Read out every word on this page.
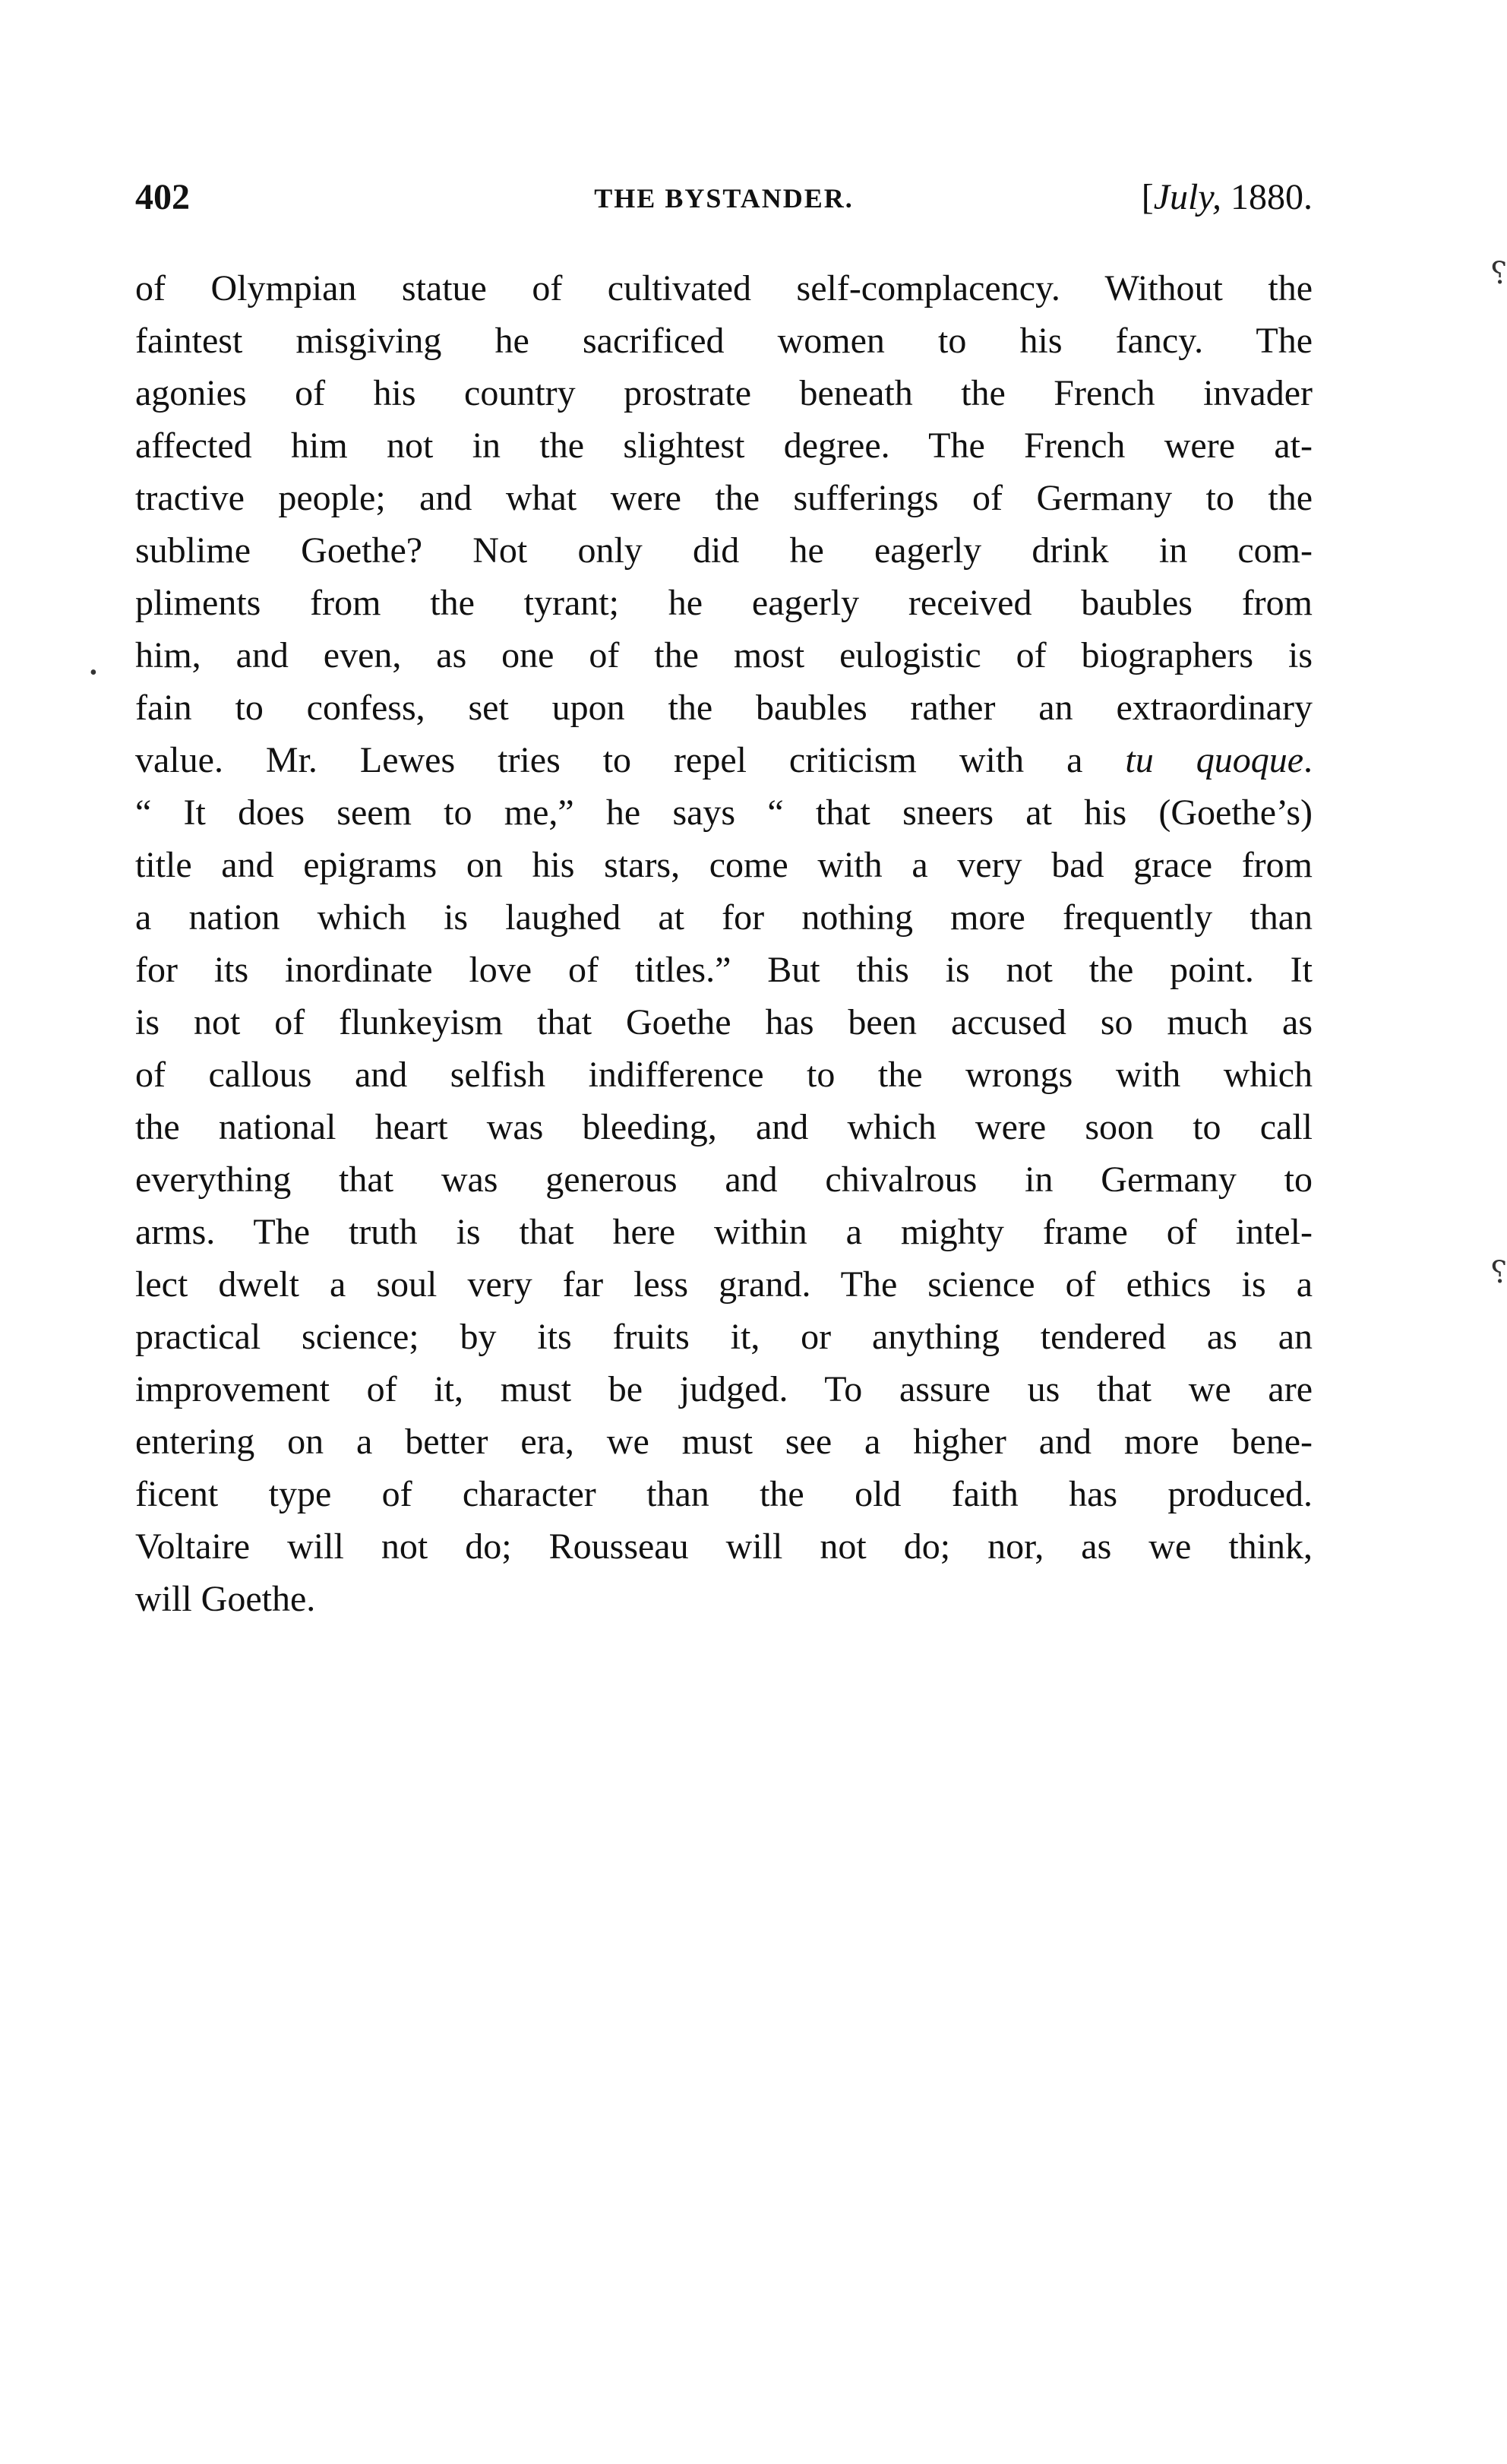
402	THE BYSTANDER.	[July, 1880.
of Olympian statue of cultivated self-complacency. Without the
faintest misgiving he sacrificed women to his fancy. The
agonies of his country prostrate beneath the French invader
affected him not in the slightest degree. The French were at-
tractive people; and what were the sufferings of Germany to the
sublime Goethe? Not only did he eagerly drink in com-
pliments from the tyrant; he eagerly received baubles from
him, and even, as one of the most eulogistic of biographers is
fain to confess, set upon the baubles rather an extraordinary
value. Mr. Lewes tries to repel criticism with a tu quoque.
“ It does seem to me,” he says “ that sneers at his (Goethe’s)
title and epigrams on his stars, come with a very bad grace from
a nation which is laughed at for nothing more frequently than
for its inordinate love of titles.” But this is not the point. It
is not of flunkeyism that Goethe has been accused so much as
of callous and selfish indifference to the wrongs with which
the national heart was bleeding, and which were soon to call
everything that was generous and chivalrous in Germany to
arms. The truth is that here within a mighty frame of intel-
lect dwelt a soul very far less grand. The science of ethics is a
practical science; by its fruits it, or anything tendered as an
improvement of it, must be judged. To assure us that we are
entering on a better era, we must see a higher and more bene-
ficent type of character than the old faith has produced.
Voltaire will not do; Rousseau will not do; nor, as we think,
will Goethe.
⸮
•
⸮
